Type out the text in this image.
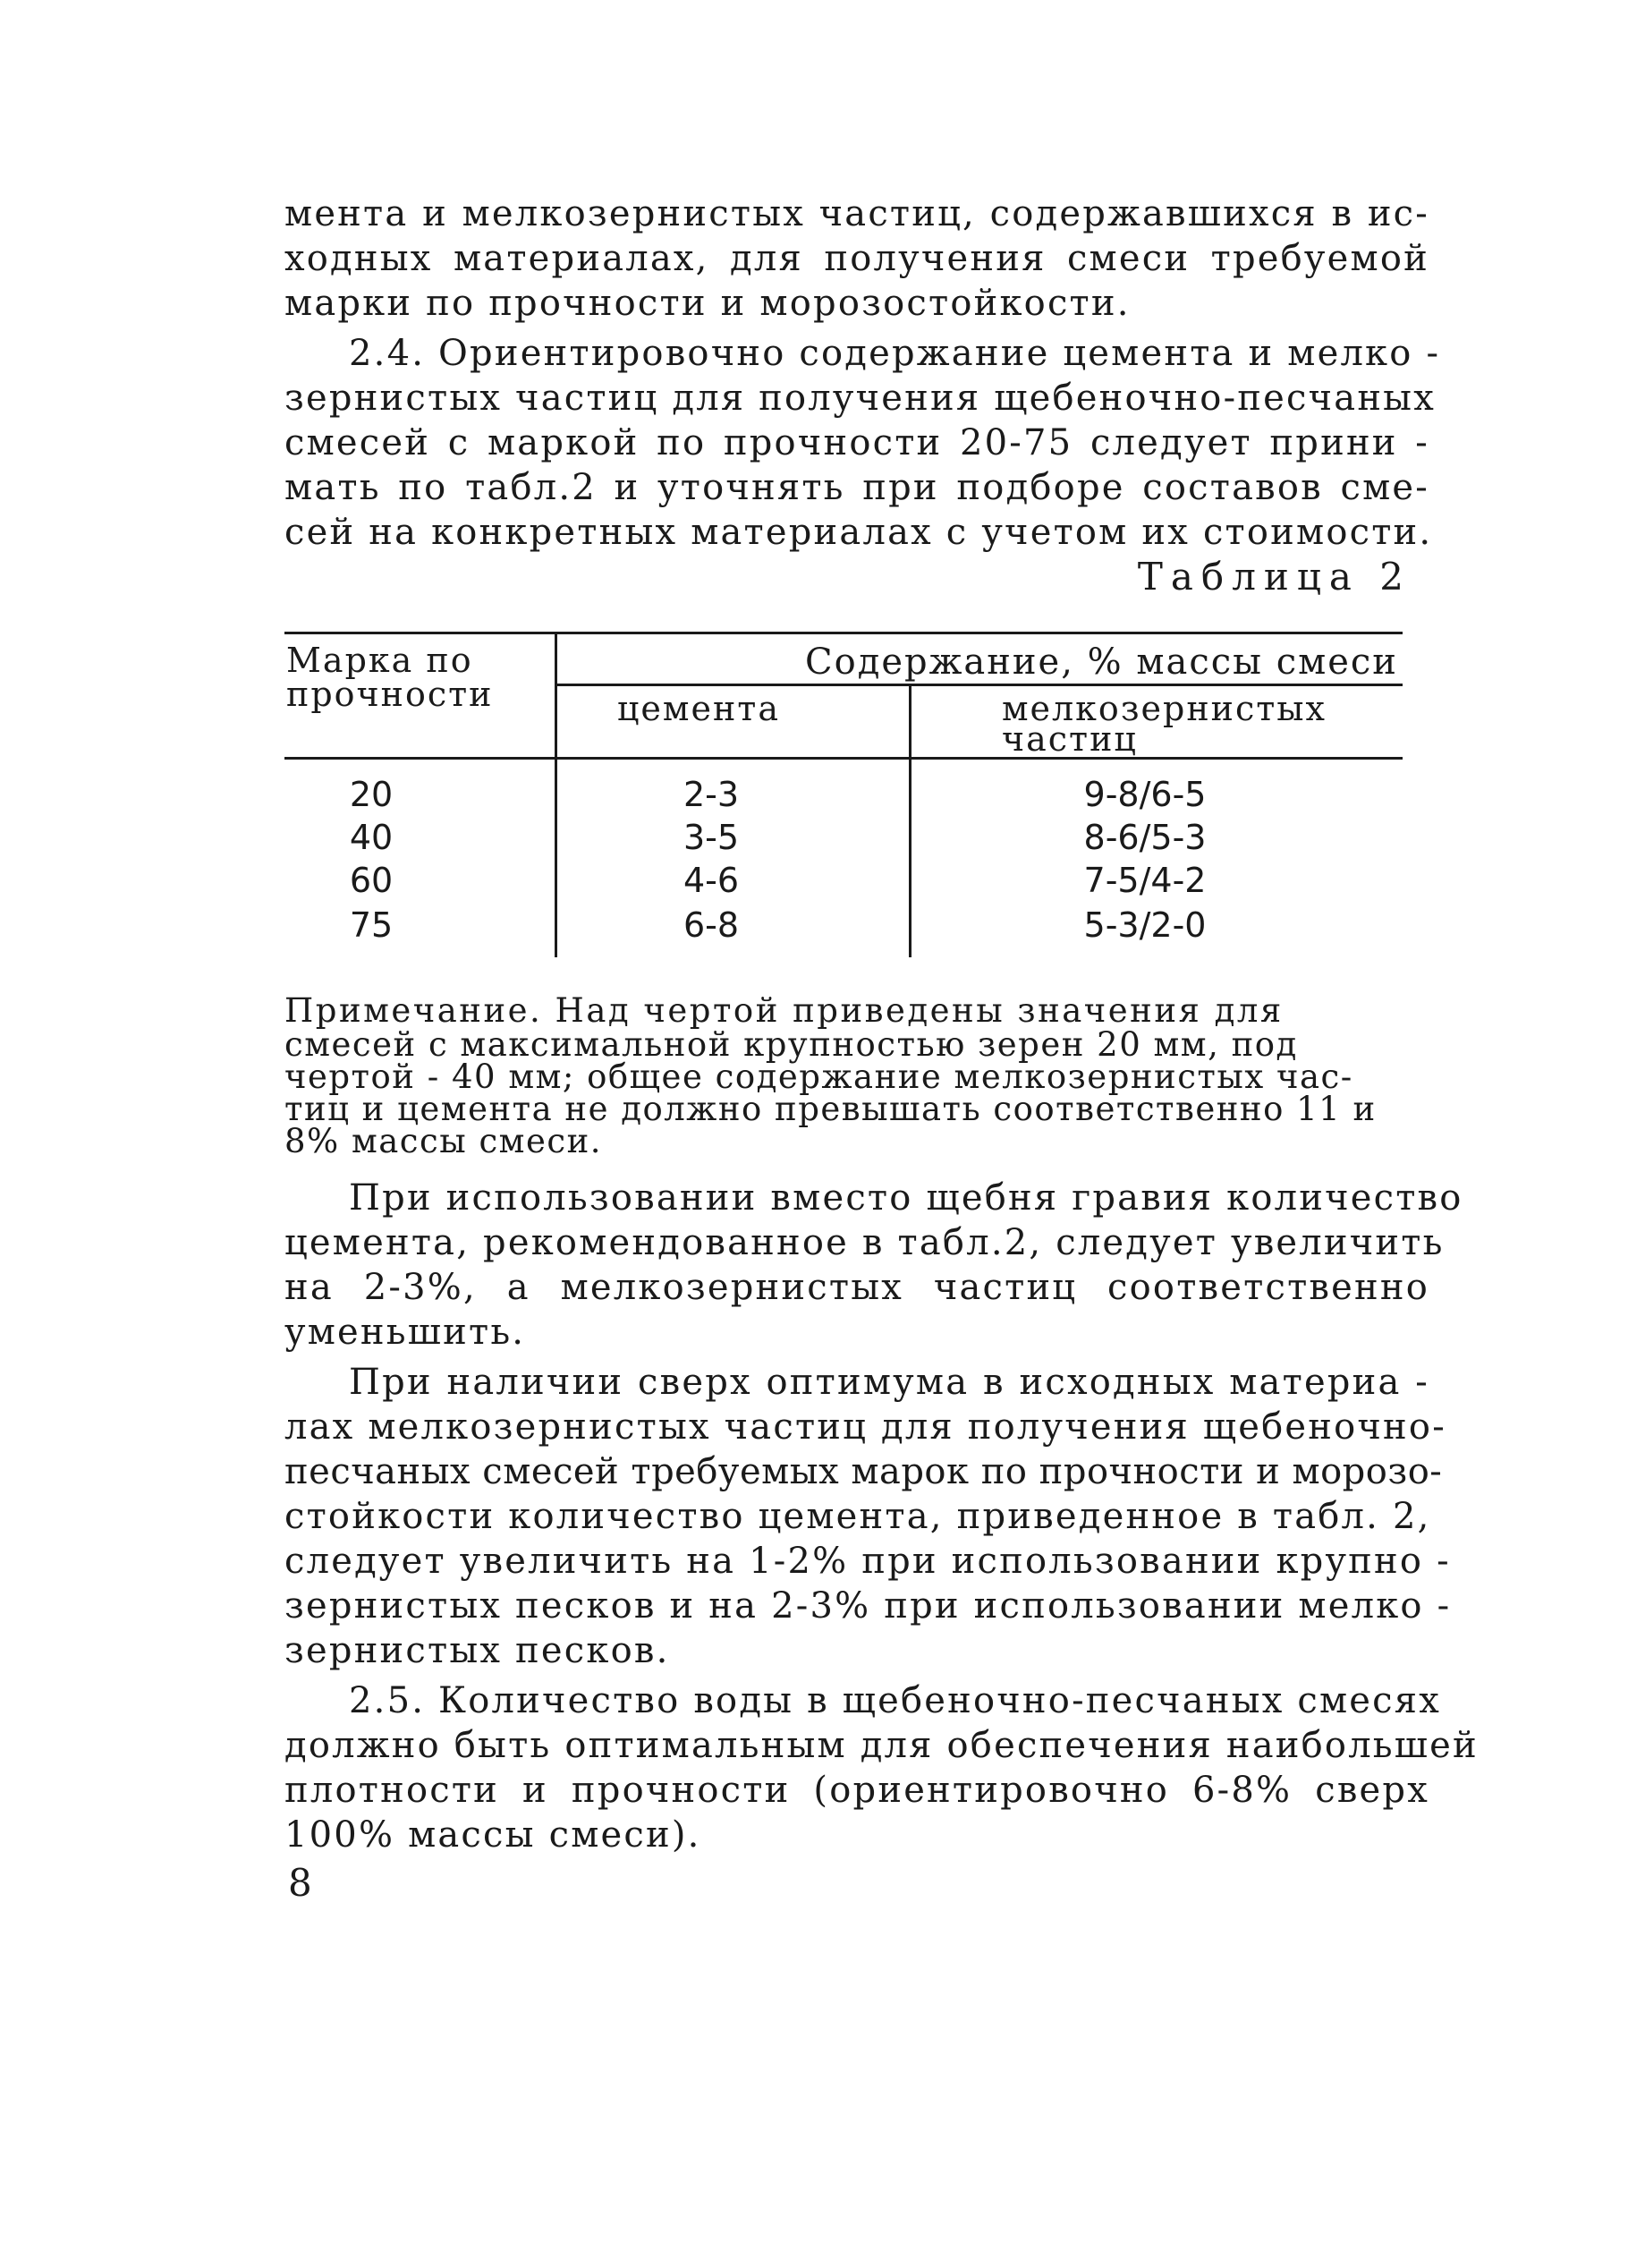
мента и мелкозернистых частиц, содержавшихся в ис-
ходных материалах, для получения смеси требуемой
марки по прочности и морозостойкости.
2.4. Ориентировочно содержание цемента и мелко -
зернистых частиц для получения щебеночно-песчаных
смесей с маркой по прочности 20-75 следует прини -
мать по табл.2 и уточнять при подборе составов сме-
сей на конкретных материалах с учетом их стоимости.
Таблица 2
Марка по
прочности
Содержание, % массы смеси
цемента	мелкозернистых
частиц
20	2-3	9-8/6-5
40	3-5	8-6/5-3
60	4-6	7-5/4-2
75	6-8	5-3/2-0
Примечание. Над чертой приведены значения для
смесей с максимальной крупностью зерен 20 мм, под
чертой - 40 мм; общее содержание мелкозернистых час-
тиц и цемента не должно превышать соответственно 11 и
8% массы смеси.
При использовании вместо щебня гравия количество
цемента, рекомендованное в табл.2, следует увеличить
на 2-3%, а мелкозернистых частиц соответственно
уменьшить.
При наличии сверх оптимума в исходных материа -
лах мелкозернистых частиц для получения щебеночно-
песчаных смесей требуемых марок по прочности и морозо-
стойкости количество цемента, приведенное в табл. 2,
следует увеличить на 1-2% при использовании крупно -
зернистых песков и на 2-3% при использовании мелко -
зернистых песков.
2.5. Количество воды в щебеночно-песчаных смесях
должно быть оптимальным для обеспечения наибольшей
плотности и прочности (ориентировочно 6-8% сверх
100% массы смеси).
8
